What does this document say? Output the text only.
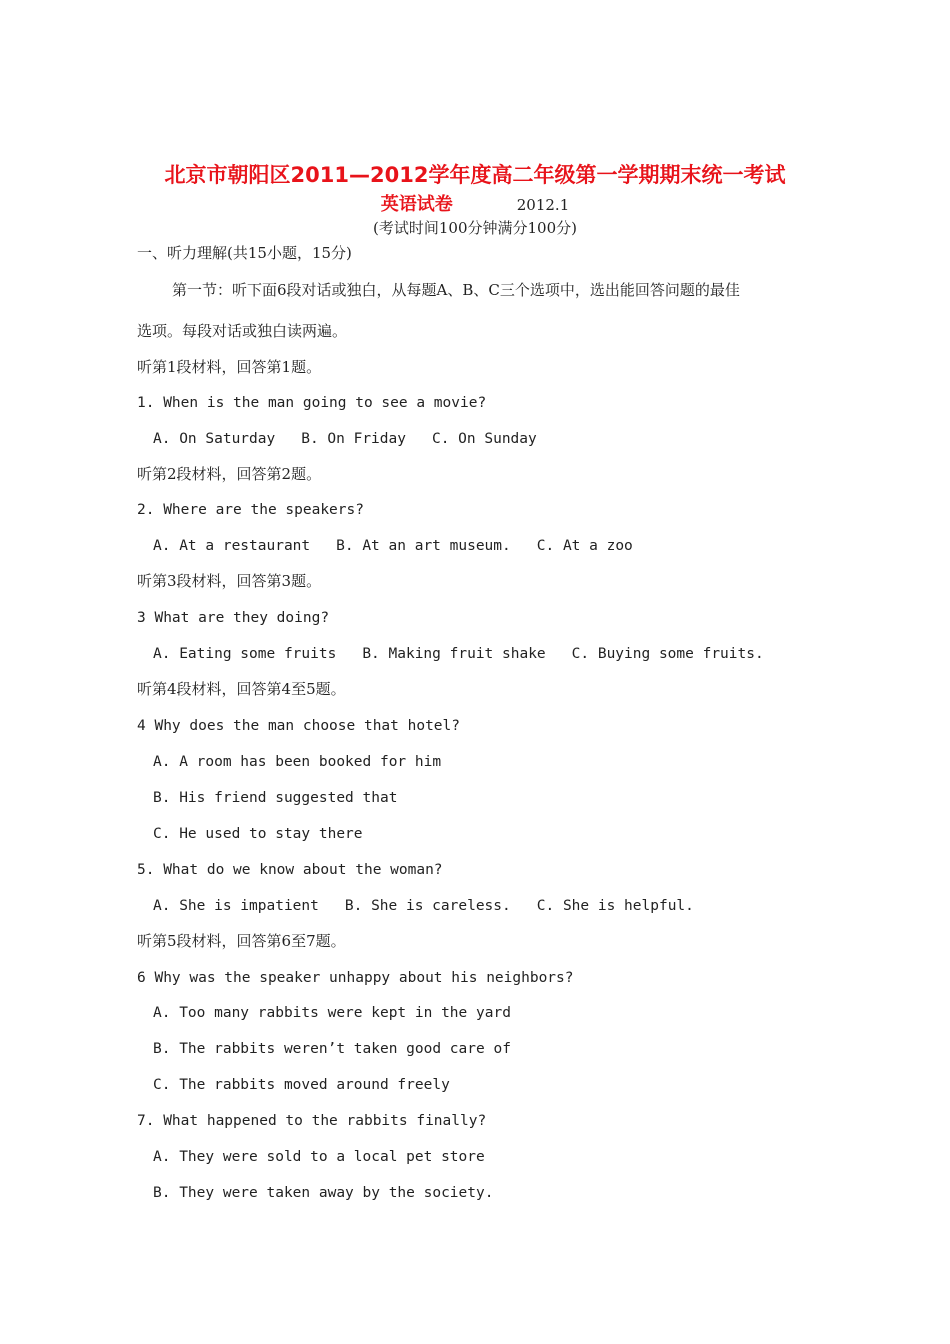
北京市朝阳区2011—2012学年度高二年级第一学期期末统一考试
英语试卷	2012.1
(考试时间100分钟满分100分)
一、听力理解(共15小题，15分)
第一节：听下面6段对话或独白，从每题A、B、C三个选项中，选出能回答问题的最佳
选项。每段对话或独白读两遍。
听第1段材料，回答第1题。
1. When is the man going to see a movie?
A. On Saturday B. On Friday C. On Sunday
听第2段材料，回答第2题。
2. Where are the speakers?
A. At a restaurant B. At an art museum. C. At a zoo
听第3段材料，回答第3题。
3 What are they doing?
A. Eating some fruits B. Making fruit shake C. Buying some fruits.
听第4段材料，回答第4至5题。
4 Why does the man choose that hotel?
A. A room has been booked for him
B. His friend suggested that
C. He used to stay there
5. What do we know about the woman?
A. She is impatient B. She is careless. C. She is helpful.
听第5段材料，回答第6至7题。
6 Why was the speaker unhappy about his neighbors?
A. Too many rabbits were kept in the yard
B. The rabbits weren’t taken good care of
C. The rabbits moved around freely
7. What happened to the rabbits finally?
A. They were sold to a local pet store
B. They were taken away by the society.
